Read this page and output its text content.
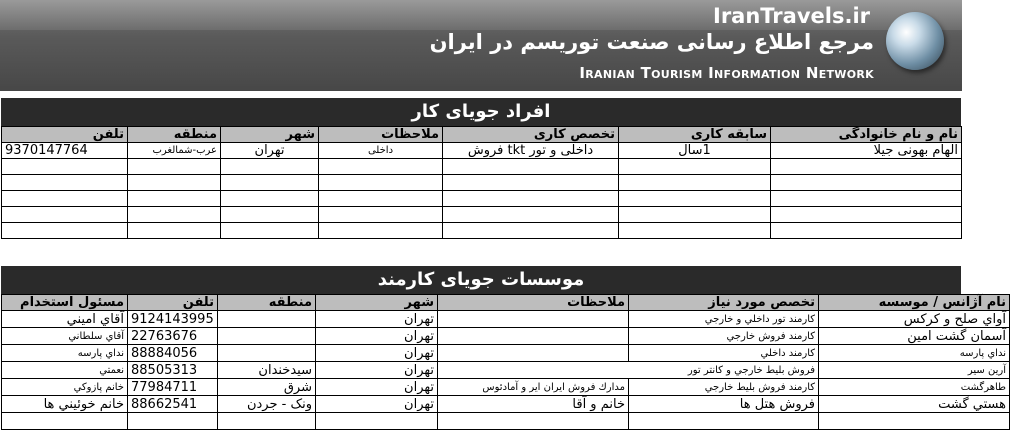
IranTravels.ir
مرجع اطلاع رسانی صنعت توریسم در ایران
Iranian Tourism Information Network
افراد جویای کار
نام و نام خانوادگی	سابقه کاری	تخصص کاری	ملاحظات	شهر	منطقه	تلفن
الهام بهونی جیلا	1سال	داخلی و تور tkt فروش	داخلی	تهران	عرب-شمالغرب	9370147764

موسسات جویای کارمند
نام آژانس / موسسه	تخصص مورد نیاز	ملاحظات	شهر	منطقه	تلفن	مسئول استخدام
آواي صلح و كركس	كارمند تور داخلي و خارجي		تهران		9124143995	آقاي اميني
آسمان گشت امین	كارمند فروش خارجي		تهران		22763676	آقاي سلطاني
نداي پارسه	كارمند داخلي		تهران		88884056	نداي پارسه
آرين سير	فروش بليط خارجي و كانتر تور		تهران	سیدخندان	88505313	نعمتي
طاهرگشت	كارمند فروش بليط خارجي	مدارك فروش ايران اير و آمادئوس	تهران	شرق	77984711	خانم پازوكي
هستي گشت	فروش هتل ها	خانم و آقا	تهران	ونک - جردن	88662541	خانم خوئيني ها
